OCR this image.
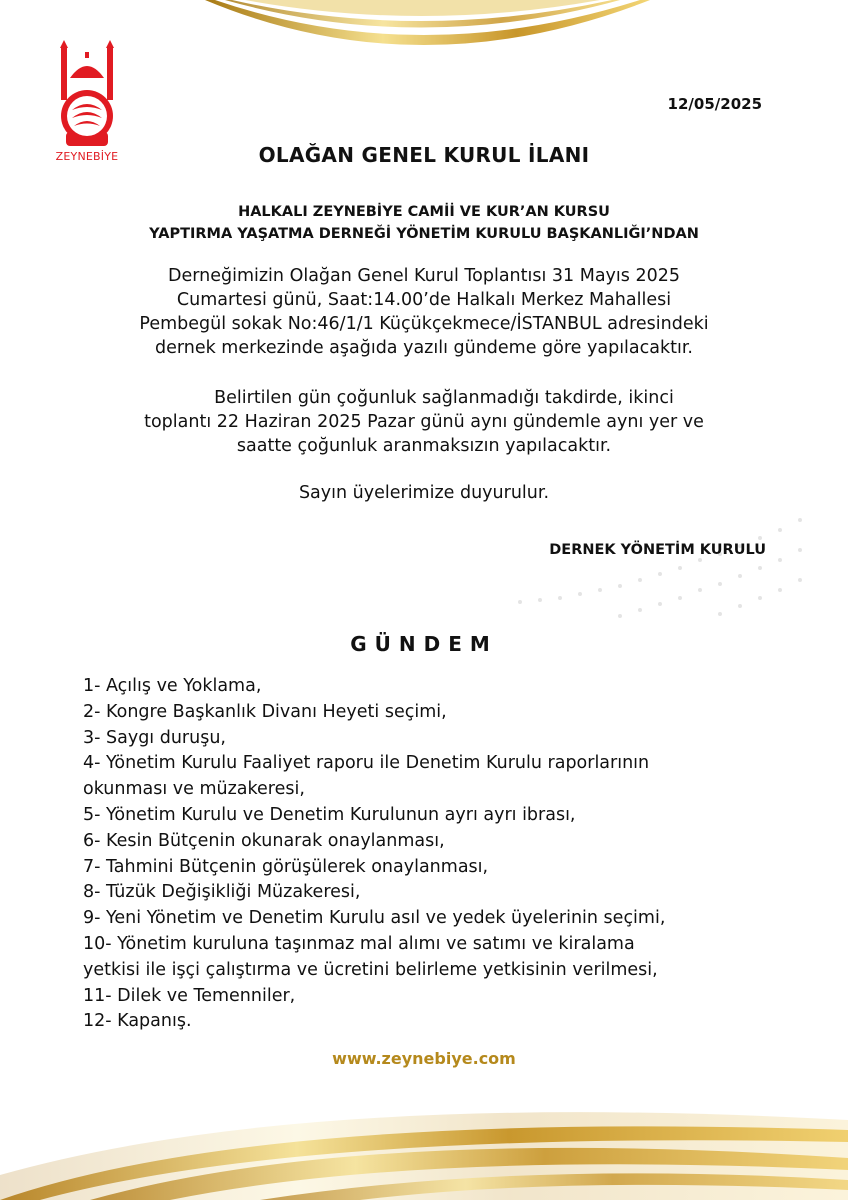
ZEYNEBİYE
12/05/2025
OLAĞAN GENEL KURUL İLANI
HALKALI ZEYNEBİYE CAMİİ VE KUR’AN KURSU
YAPTIRMA YAŞATMA DERNEĞİ YÖNETİM KURULU BAŞKANLIĞI’NDAN
Derneğimizin Olağan Genel Kurul Toplantısı 31 Mayıs 2025
Cumartesi günü, Saat:14.00’de Halkalı Merkez Mahallesi
Pembegül sokak No:46/1/1 Küçükçekmece/İSTANBUL adresindeki
dernek merkezinde aşağıda yazılı gündeme göre yapılacaktır.
Belirtilen gün çoğunluk sağlanmadığı takdirde, ikinci
toplantı 22 Haziran 2025 Pazar günü aynı gündemle aynı yer ve
saatte çoğunluk aranmaksızın yapılacaktır.
Sayın üyelerimize duyurulur.
DERNEK YÖNETİM KURULU
GÜNDEM
1- Açılış ve Yoklama,
2- Kongre Başkanlık Divanı Heyeti seçimi,
3- Saygı duruşu,
4- Yönetim Kurulu Faaliyet raporu ile Denetim Kurulu raporlarının
okunması ve müzakeresi,
5- Yönetim Kurulu ve Denetim Kurulunun ayrı ayrı ibrası,
6- Kesin Bütçenin okunarak onaylanması,
7- Tahmini Bütçenin görüşülerek onaylanması,
8- Tüzük Değişikliği Müzakeresi,
9- Yeni Yönetim ve Denetim Kurulu asıl ve yedek üyelerinin seçimi,
10- Yönetim kuruluna taşınmaz mal alımı ve satımı ve kiralama
yetkisi ile işçi çalıştırma ve ücretini belirleme yetkisinin verilmesi,
11- Dilek ve Temenniler,
12- Kapanış.
www.zeynebiye.com
